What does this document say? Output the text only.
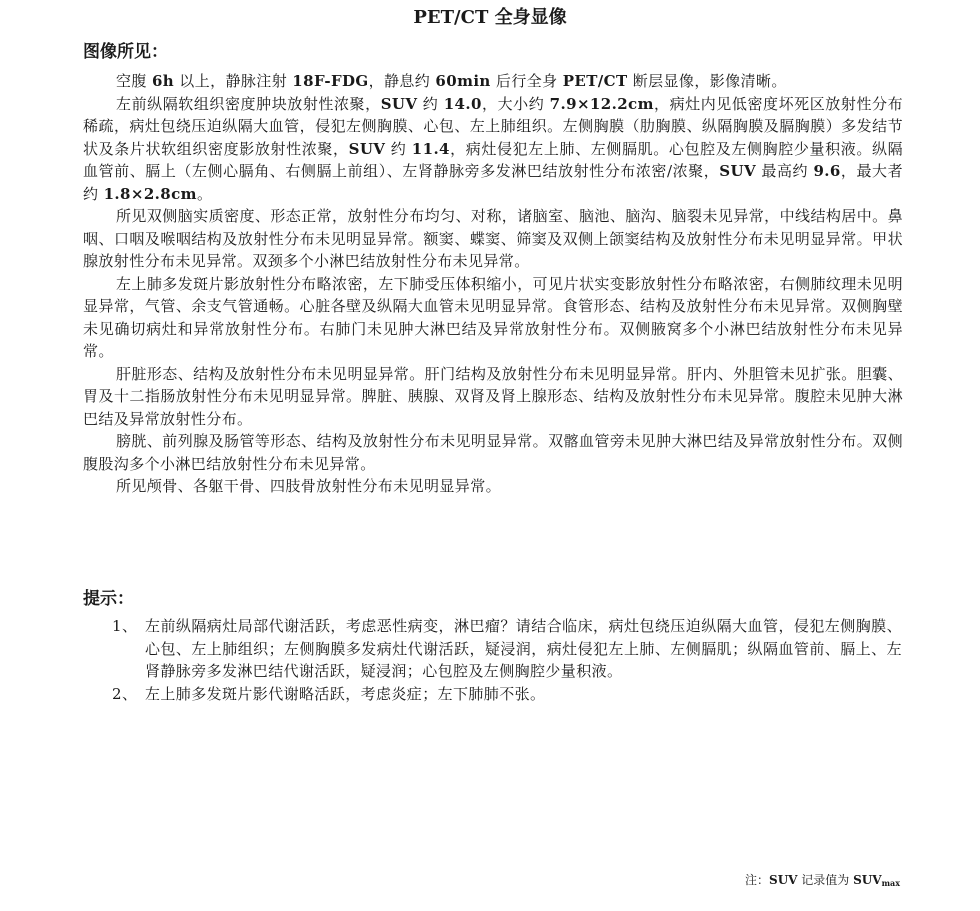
PET/CT 全身显像
图像所见：

空腹 6h 以上，静脉注射 18F-FDG，静息约 60min 后行全身 PET/CT 断层显像，影像清晰。

左前纵隔软组织密度肿块放射性浓聚，SUV 约 14.0，大小约 7.9×12.2cm，病灶内见低密度坏死区放射性分布稀疏，病灶包绕压迫纵隔大血管，侵犯左侧胸膜、心包、左上肺组织。左侧胸膜（肋胸膜、纵隔胸膜及膈胸膜）多发结节状及条片状软组织密度影放射性浓聚，SUV 约 11.4，病灶侵犯左上肺、左侧膈肌。心包腔及左侧胸腔少量积液。纵隔血管前、膈上（左侧心膈角、右侧膈上前组）、左肾静脉旁多发淋巴结放射性分布浓密/浓聚，SUV 最高约 9.6，最大者约 1.8×2.8cm。

所见双侧脑实质密度、形态正常，放射性分布均匀、对称，诸脑室、脑池、脑沟、脑裂未见异常，中线结构居中。鼻咽、口咽及喉咽结构及放射性分布未见明显异常。额窦、蝶窦、筛窦及双侧上颌窦结构及放射性分布未见明显异常。甲状腺放射性分布未见异常。双颈多个小淋巴结放射性分布未见异常。

左上肺多发斑片影放射性分布略浓密，左下肺受压体积缩小，可见片状实变影放射性分布略浓密，右侧肺纹理未见明显异常，气管、余支气管通畅。心脏各壁及纵隔大血管未见明显异常。食管形态、结构及放射性分布未见异常。双侧胸壁未见确切病灶和异常放射性分布。右肺门未见肿大淋巴结及异常放射性分布。双侧腋窝多个小淋巴结放射性分布未见异常。

肝脏形态、结构及放射性分布未见明显异常。肝门结构及放射性分布未见明显异常。肝内、外胆管未见扩张。胆囊、胃及十二指肠放射性分布未见明显异常。脾脏、胰腺、双肾及肾上腺形态、结构及放射性分布未见异常。腹腔未见肿大淋巴结及异常放射性分布。

膀胱、前列腺及肠管等形态、结构及放射性分布未见明显异常。双髂血管旁未见肿大淋巴结及异常放射性分布。双侧腹股沟多个小淋巴结放射性分布未见异常。

所见颅骨、各躯干骨、四肢骨放射性分布未见明显异常。

提示：
1、 左前纵隔病灶局部代谢活跃，考虑恶性病变，淋巴瘤？请结合临床，病灶包绕压迫纵隔大血管，侵犯左侧胸膜、心包、左上肺组织；左侧胸膜多发病灶代谢活跃，疑浸润，病灶侵犯左上肺、左侧膈肌；纵隔血管前、膈上、左肾静脉旁多发淋巴结代谢活跃，疑浸润；心包腔及左侧胸腔少量积液。
2、 左上肺多发斑片影代谢略活跃，考虑炎症；左下肺肺不张。
注：SUV 记录值为 $SUV_{max}$
